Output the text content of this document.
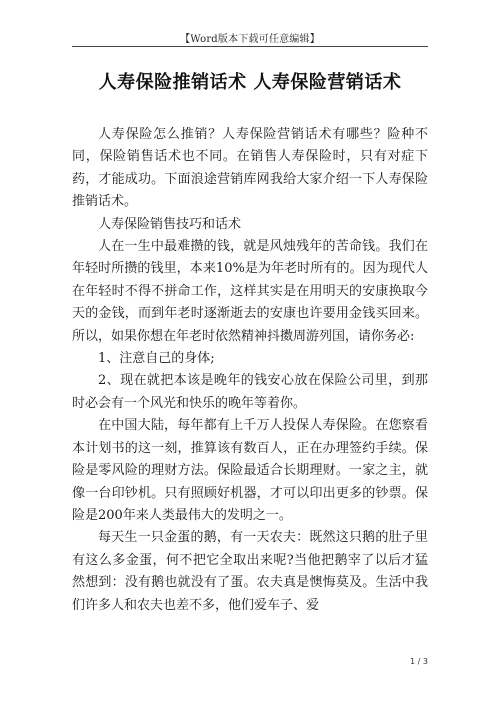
【Word版本下载可任意编辑】
人寿保险推销话术 人寿保险营销话术

人寿保险怎么推销？人寿保险营销话术有哪些？险种不同，保险销售话术也不同。在销售人寿保险时，只有对症下药，才能成功。下面浪途营销库网我给大家介绍一下人寿保险推销话术。

人寿保险销售技巧和话术

人在一生中最难攒的钱，就是风烛残年的苦命钱。我们在年轻时所攒的钱里，本来10%是为年老时所有的。因为现代人在年轻时不得不拼命工作，这样其实是在用明天的安康换取今天的金钱，而到年老时逐渐逝去的安康也许要用金钱买回来。所以，如果你想在年老时依然精神抖擞周游列国，请你务必:

1、注意自己的身体;

2、现在就把本该是晚年的钱安心放在保险公司里，到那时必会有一个风光和快乐的晚年等着你。

在中国大陆，每年都有上千万人投保人寿保险。在您察看本计划书的这一刻，推算该有数百人，正在办理签约手续。保险是零风险的理财方法。保险最适合长期理财。一家之主，就像一台印钞机。只有照顾好机器，才可以印出更多的钞票。保险是200年来人类最伟大的发明之一。

每天生一只金蛋的鹅，有一天农夫：既然这只鹅的肚子里有这么多金蛋，何不把它全取出来呢?当他把鹅宰了以后才猛然想到：没有鹅也就没有了蛋。农夫真是懊悔莫及。生活中我们许多人和农夫也差不多，他们爱车子、爱

1 / 3
